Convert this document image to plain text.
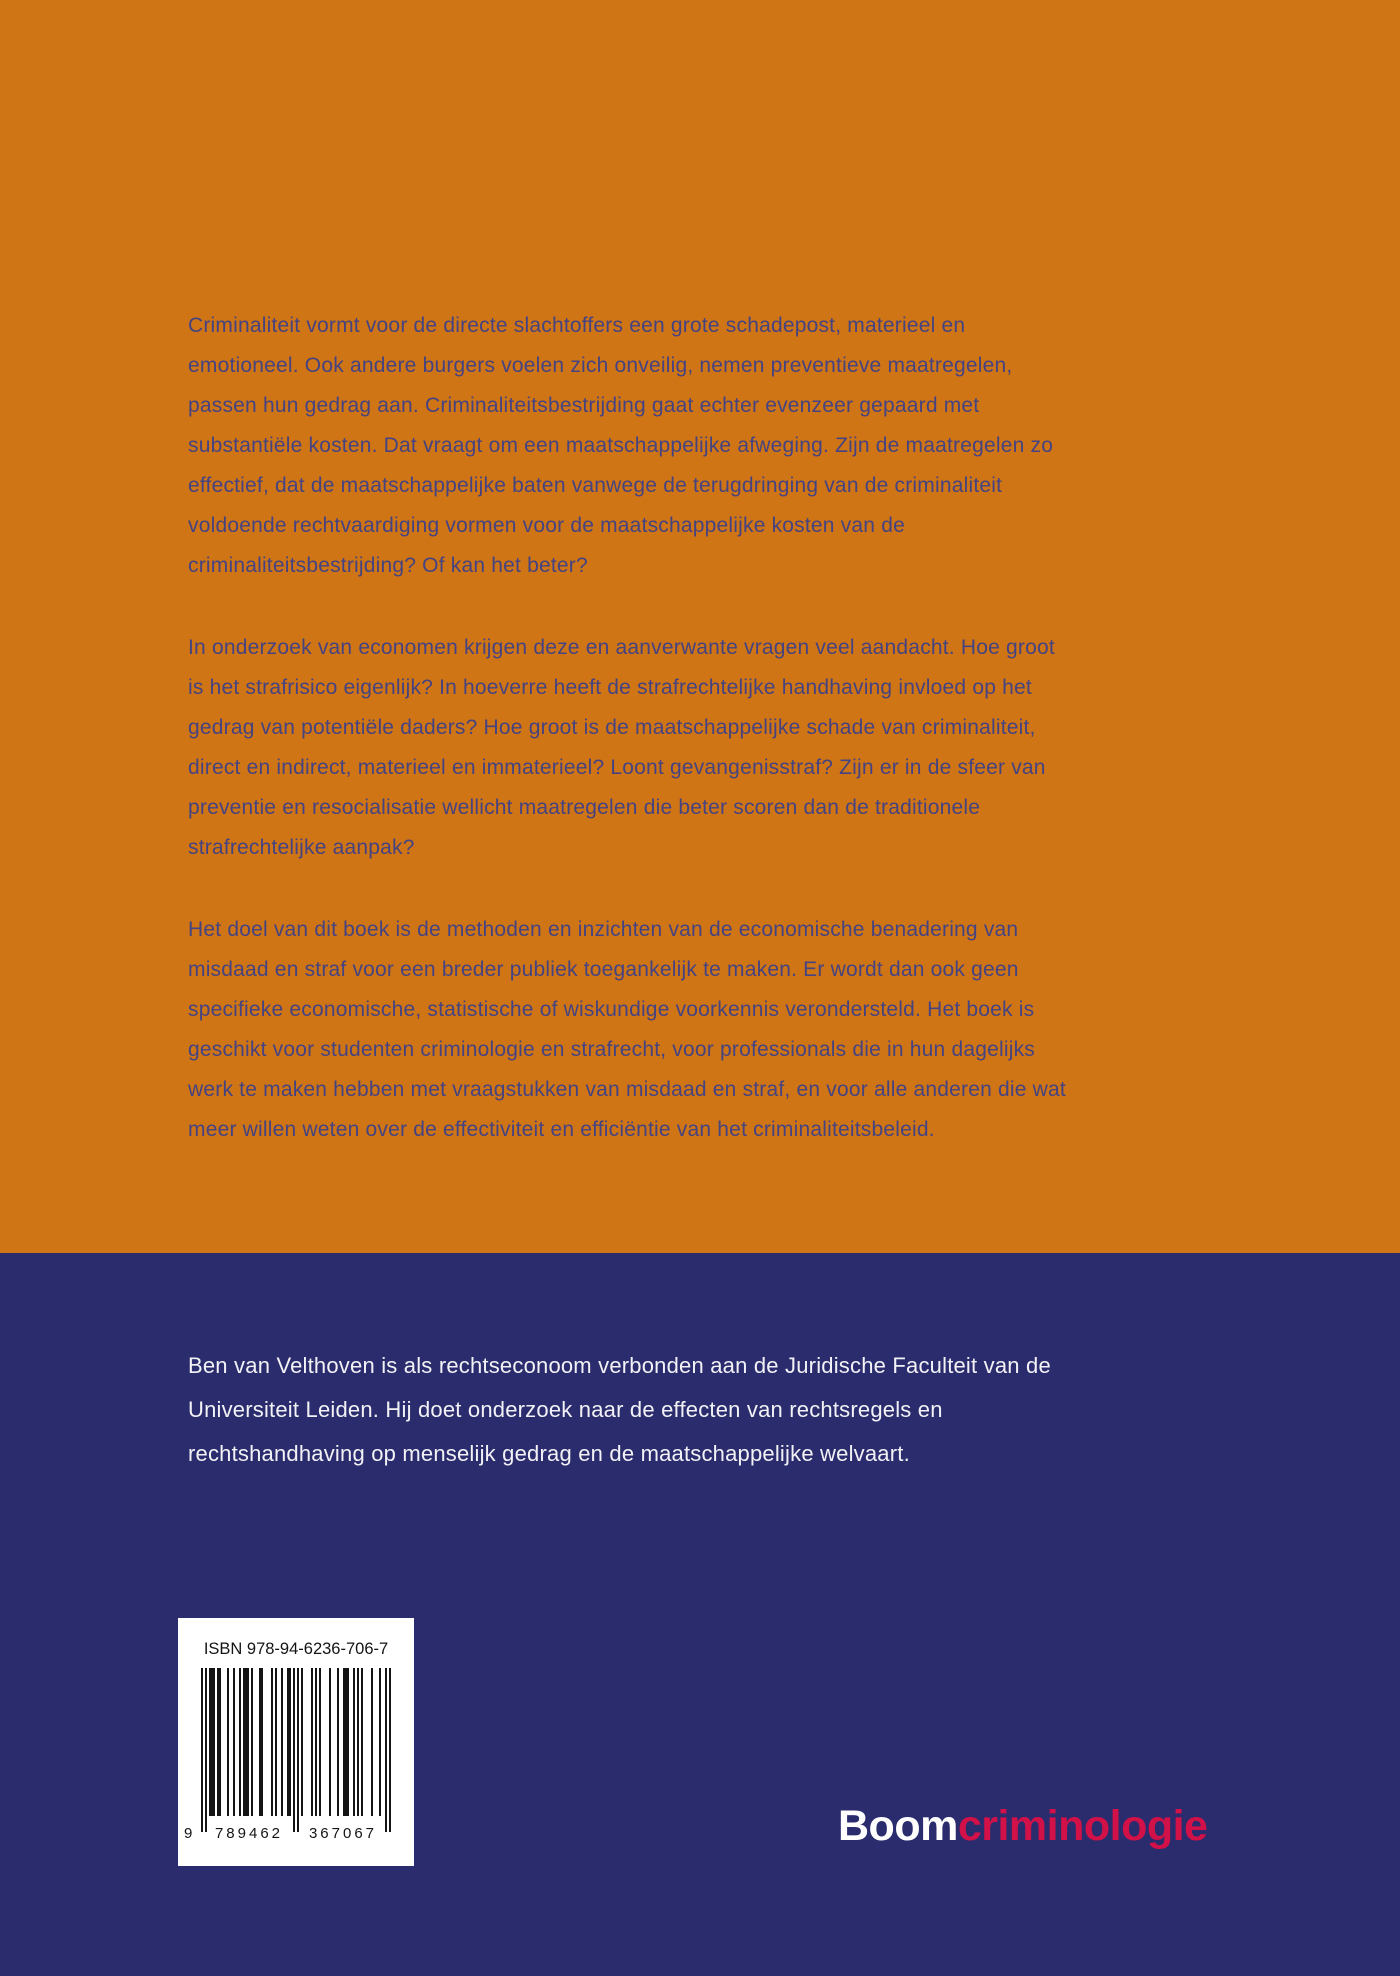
Criminaliteit vormt voor de directe slachtoffers een grote schadepost, materieel en emotioneel. Ook andere burgers voelen zich onveilig, nemen preventieve maatregelen, passen hun gedrag aan. Criminaliteitsbestrijding gaat echter evenzeer gepaard met substantiële kosten. Dat vraagt om een maatschappelijke afweging. Zijn de maatregelen zo effectief, dat de maatschappelijke baten vanwege de terugdringing van de criminaliteit voldoende rechtvaardiging vormen voor de maatschappelijke kosten van de criminaliteitsbestrijding? Of kan het beter?

In onderzoek van economen krijgen deze en aanverwante vragen veel aandacht. Hoe groot is het strafrisico eigenlijk? In hoeverre heeft de strafrechtelijke handhaving invloed op het gedrag van potentiële daders? Hoe groot is de maatschappelijke schade van criminaliteit, direct en indirect, materieel en immaterieel? Loont gevangenisstraf? Zijn er in de sfeer van preventie en resocialisatie wellicht maatregelen die beter scoren dan de traditionele strafrechtelijke aanpak?

Het doel van dit boek is de methoden en inzichten van de economische benadering van misdaad en straf voor een breder publiek toegankelijk te maken. Er wordt dan ook geen specifieke economische, statistische of wiskundige voorkennis verondersteld. Het boek is geschikt voor studenten criminologie en strafrecht, voor professionals die in hun dagelijks werk te maken hebben met vraagstukken van misdaad en straf, en voor alle anderen die wat meer willen weten over de effectiviteit en efficiëntie van het criminaliteitsbeleid.

Ben van Velthoven is als rechtseconoom verbonden aan de Juridische Faculteit van de Universiteit Leiden. Hij doet onderzoek naar de effecten van rechtsregels en rechtshandhaving op menselijk gedrag en de maatschappelijke welvaart.

ISBN 978-94-6236-706-7
9	789462	367067	Boomcriminologie
